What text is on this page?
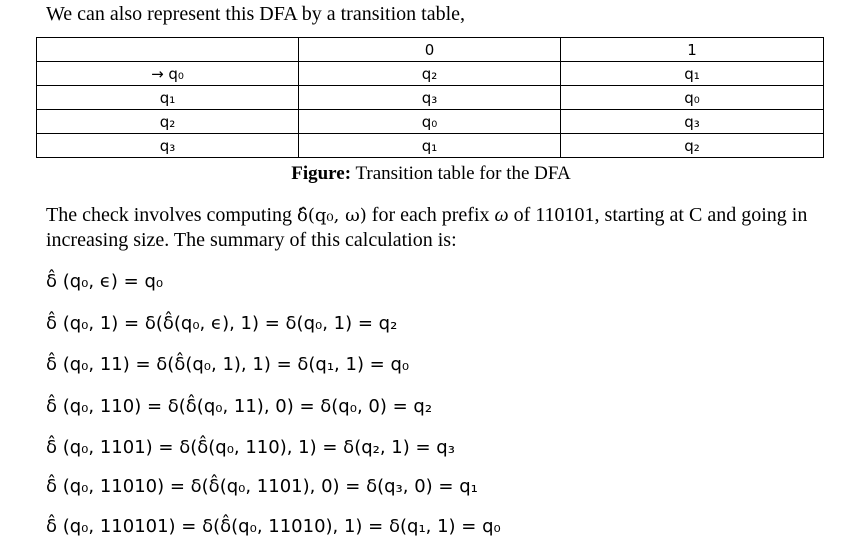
We can also represent this DFA by a transition table,
	0	1
→ q₀	q₂	q₁
q₁	q₃	q₀
q₂	q₀	q₃
q₃	q₁	q₂
Figure: Transition table for the DFA
The check involves computing δ̂(q₀, ω) for each prefix ω of 110101, starting at C and going in increasing size. The summary of this calculation is:
δ̂ (q₀, ϵ) = q₀
δ̂ (q₀, 1) = δ(δ̂(q₀, ϵ), 1) = δ(q₀, 1) = q₂
δ̂ (q₀, 11) = δ(δ̂(q₀, 1), 1) = δ(q₁, 1) = q₀
δ̂ (q₀, 110) = δ(δ̂(q₀, 11), 0) = δ(q₀, 0) = q₂
δ̂ (q₀, 1101) = δ(δ̂(q₀, 110), 1) = δ(q₂, 1) = q₃
δ̂ (q₀, 11010) = δ(δ̂(q₀, 1101), 0) = δ(q₃, 0) = q₁
δ̂ (q₀, 110101) = δ(δ̂(q₀, 11010), 1) = δ(q₁, 1) = q₀
